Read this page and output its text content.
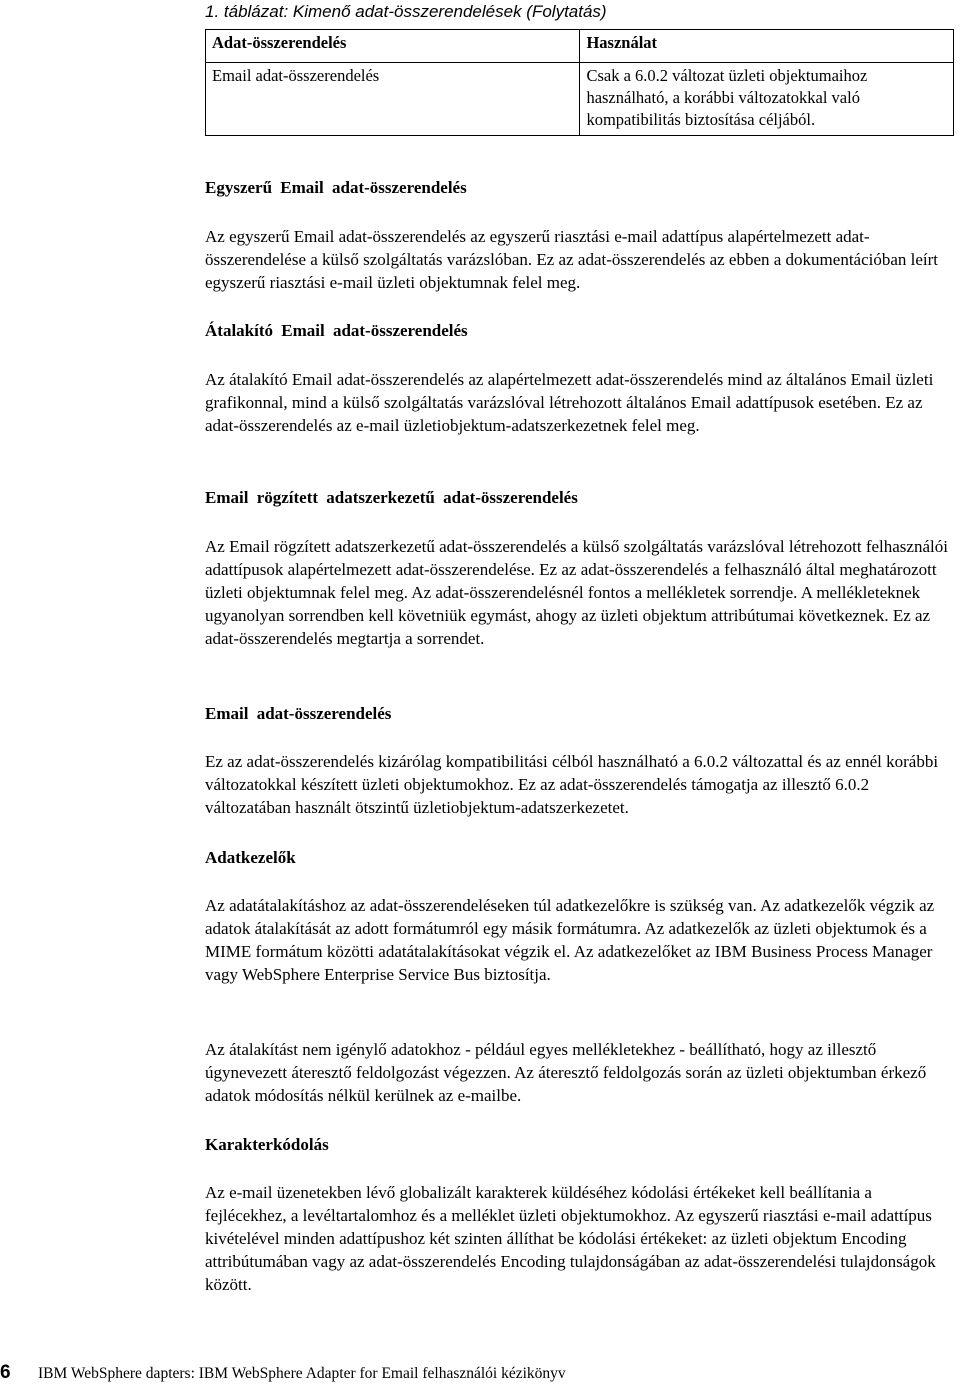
1. táblázat: Kimenő adat-összerendelések (Folytatás)
Adat-összerendelés	Használat
Email adat-összerendelés	Csak a 6.0.2 változat üzleti objektumaihoz használható, a korábbi változatokkal való kompatibilitás biztosítása céljából.
Egyszerű Email adat-összerendelés
Az egyszerű Email adat-összerendelés az egyszerű riasztási e-mail adattípus alapértelmezett adat-összerendelése a külső szolgáltatás varázslóban. Ez az adat-összerendelés az ebben a dokumentációban leírt egyszerű riasztási e-mail üzleti objektumnak felel meg.
Átalakító Email adat-összerendelés
Az átalakító Email adat-összerendelés az alapértelmezett adat-összerendelés mind az általános Email üzleti grafikonnal, mind a külső szolgáltatás varázslóval létrehozott általános Email adattípusok esetében. Ez az adat-összerendelés az e-mail üzletiobjektum-adatszerkezetnek felel meg.
Email rögzített adatszerkezetű adat-összerendelés
Az Email rögzített adatszerkezetű adat-összerendelés a külső szolgáltatás varázslóval létrehozott felhasználói adattípusok alapértelmezett adat-összerendelése. Ez az adat-összerendelés a felhasználó által meghatározott üzleti objektumnak felel meg. Az adat-összerendelésnél fontos a mellékletek sorrendje. A mellékleteknek ugyanolyan sorrendben kell követniük egymást, ahogy az üzleti objektum attribútumai következnek. Ez az adat-összerendelés megtartja a sorrendet.
Email adat-összerendelés
Ez az adat-összerendelés kizárólag kompatibilitási célból használható a 6.0.2 változattal és az ennél korábbi változatokkal készített üzleti objektumokhoz. Ez az adat-összerendelés támogatja az illesztő 6.0.2 változatában használt ötszintű üzletiobjektum-adatszerkezetet.
Adatkezelők
Az adatátalakításhoz az adat-összerendeléseken túl adatkezelőkre is szükség van. Az adatkezelők végzik az adatok átalakítását az adott formátumról egy másik formátumra. Az adatkezelők az üzleti objektumok és a MIME formátum közötti adatátalakításokat végzik el. Az adatkezelőket az IBM Business Process Manager vagy WebSphere Enterprise Service Bus biztosítja.
Az átalakítást nem igénylő adatokhoz - például egyes mellékletekhez - beállítható, hogy az illesztő úgynevezett áteresztő feldolgozást végezzen. Az áteresztő feldolgozás során az üzleti objektumban érkező adatok módosítás nélkül kerülnek az e-mailbe.
Karakterkódolás
Az e-mail üzenetekben lévő globalizált karakterek küldéséhez kódolási értékeket kell beállítania a fejlécekhez, a levéltartalomhoz és a melléklet üzleti objektumokhoz. Az egyszerű riasztási e-mail adattípus kivételével minden adattípushoz két szinten állíthat be kódolási értékeket: az üzleti objektum Encoding attribútumában vagy az adat-összerendelés Encoding tulajdonságában az adat-összerendelési tulajdonságok között.
6 IBM WebSphere dapters: IBM WebSphere Adapter for Email felhasználói kézikönyv
